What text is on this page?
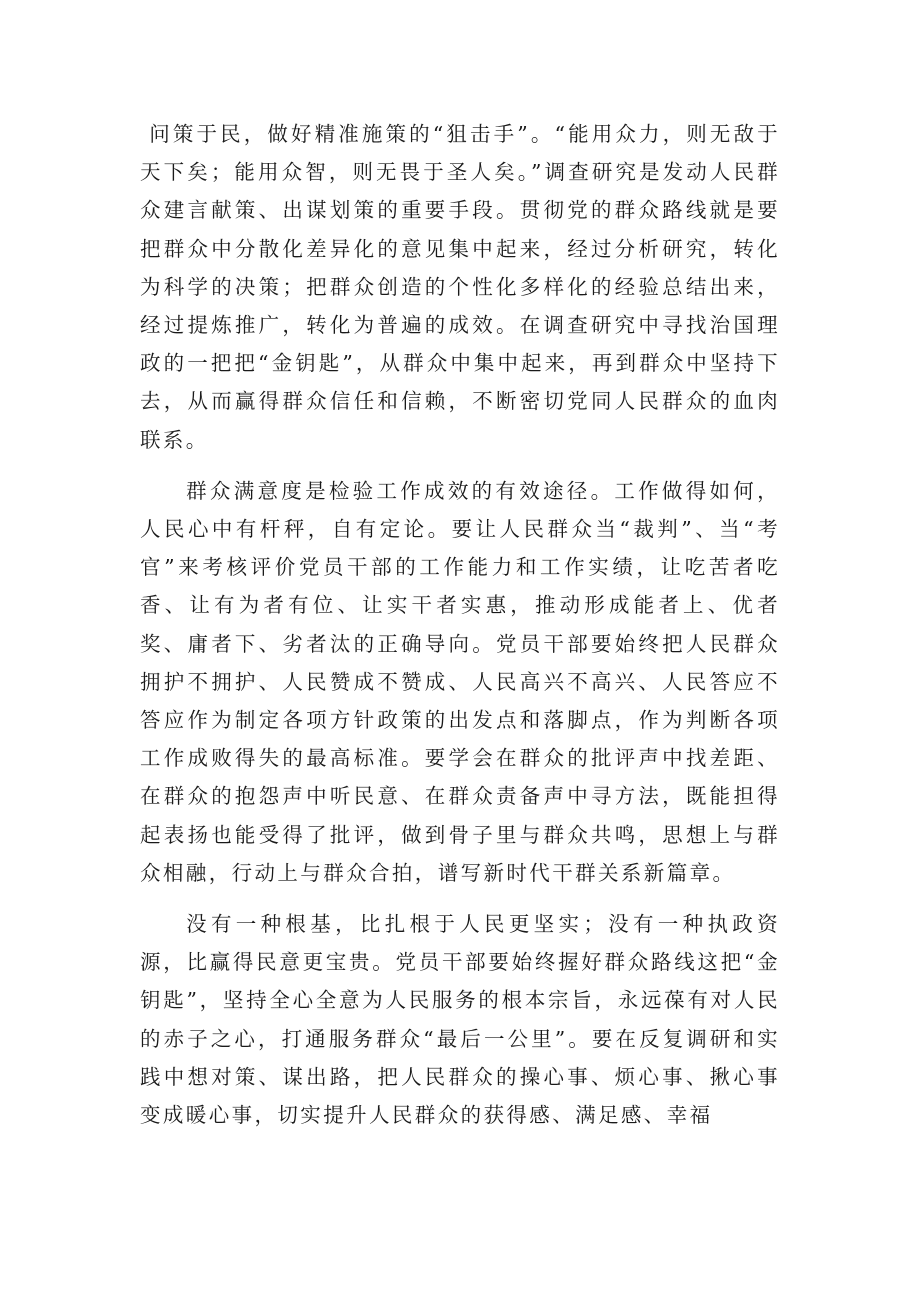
问策于民，做好精准施策的“狙击手”。“能用众力，则无敌于天下矣；能用众智，则无畏于圣人矣。”调查研究是发动人民群众建言献策、出谋划策的重要手段。贯彻党的群众路线就是要把群众中分散化差异化的意见集中起来，经过分析研究，转化为科学的决策；把群众创造的个性化多样化的经验总结出来，经过提炼推广，转化为普遍的成效。在调查研究中寻找治国理政的一把把“金钥匙”，从群众中集中起来，再到群众中坚持下去，从而赢得群众信任和信赖，不断密切党同人民群众的血肉联系。

群众满意度是检验工作成效的有效途径。工作做得如何，人民心中有杆秤，自有定论。要让人民群众当“裁判”、当“考官”来考核评价党员干部的工作能力和工作实绩，让吃苦者吃香、让有为者有位、让实干者实惠，推动形成能者上、优者奖、庸者下、劣者汰的正确导向。党员干部要始终把人民群众拥护不拥护、人民赞成不赞成、人民高兴不高兴、人民答应不答应作为制定各项方针政策的出发点和落脚点，作为判断各项工作成败得失的最高标准。要学会在群众的批评声中找差距、在群众的抱怨声中听民意、在群众责备声中寻方法，既能担得起表扬也能受得了批评，做到骨子里与群众共鸣，思想上与群众相融，行动上与群众合拍，谱写新时代干群关系新篇章。

没有一种根基，比扎根于人民更坚实；没有一种执政资源，比赢得民意更宝贵。党员干部要始终握好群众路线这把“金钥匙”，坚持全心全意为人民服务的根本宗旨，永远葆有对人民的赤子之心，打通服务群众“最后一公里”。要在反复调研和实践中想对策、谋出路，把人民群众的操心事、烦心事、揪心事变成暖心事，切实提升人民群众的获得感、满足感、幸福
